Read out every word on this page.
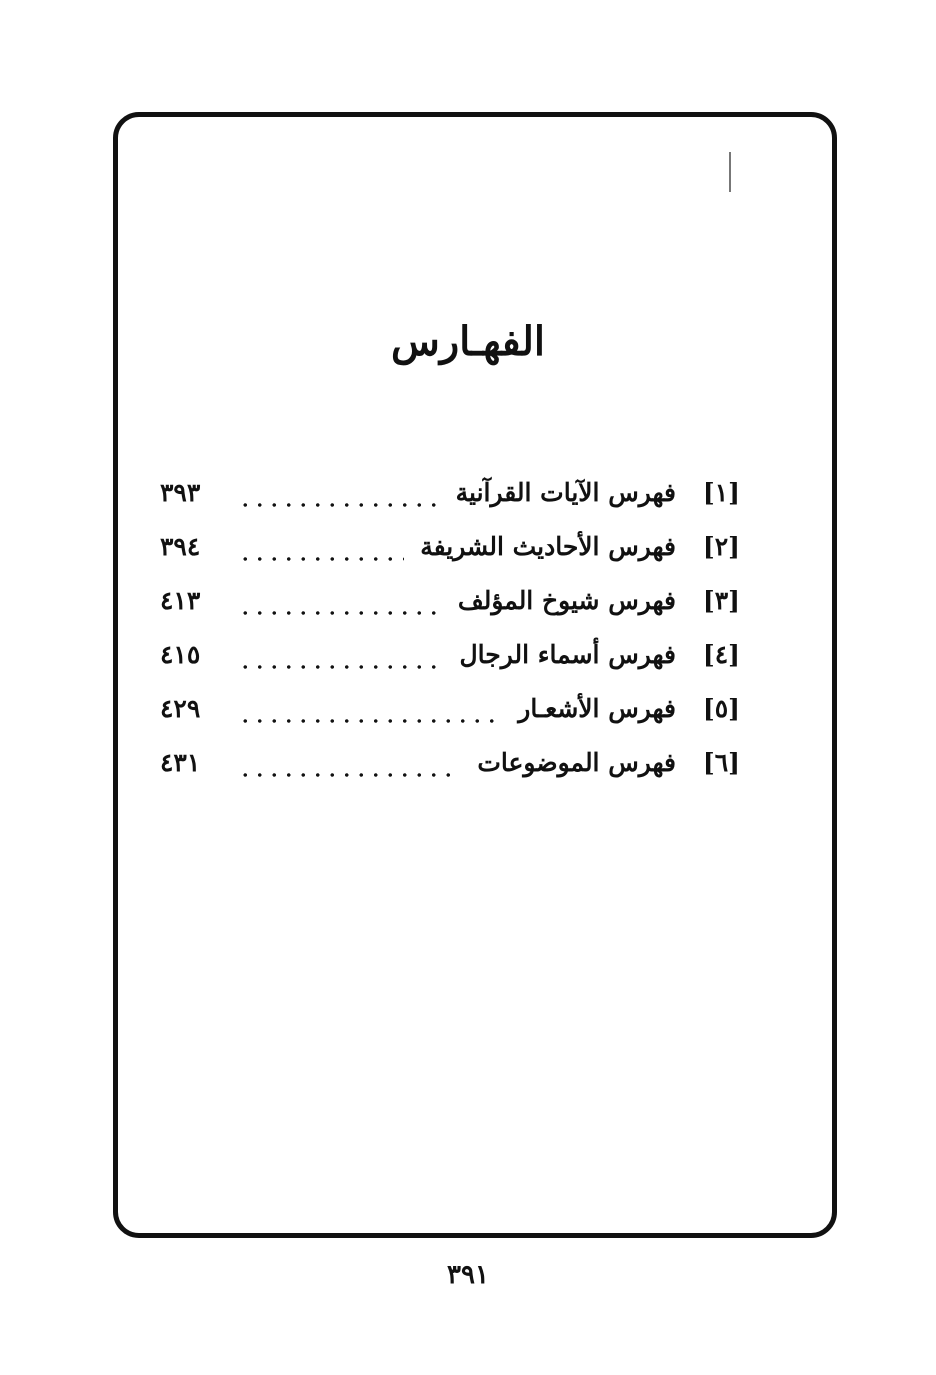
الفهـارس
[١]
فهرس الآيات القرآنية
٣٩٣
[٢]
فهرس الأحاديث الشريفة
٣٩٤
[٣]
فهرس شيوخ المؤلف
٤١٣
[٤]
فهرس أسماء الرجال
٤١٥
[٥]
فهرس الأشعـار
٤٢٩
[٦]
فهرس الموضوعات
٤٣١
٣٩١
